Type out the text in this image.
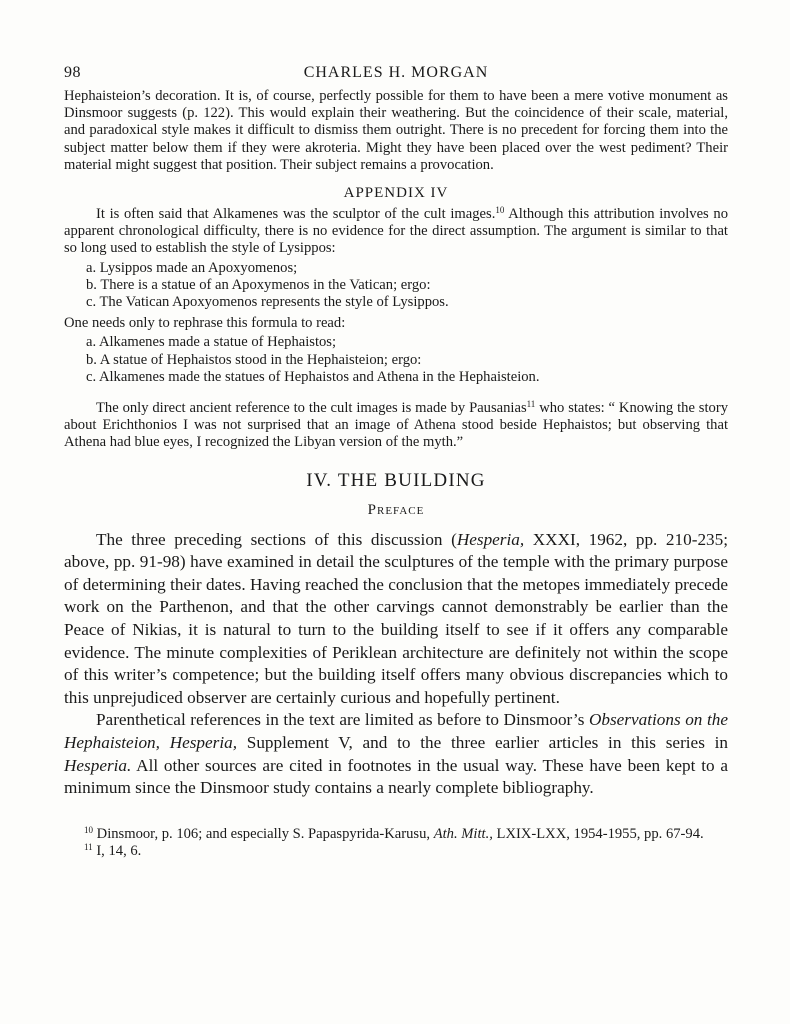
98	CHARLES H. MORGAN

Hephaisteion’s decoration. It is, of course, perfectly possible for them to have been a mere votive monument as Dinsmoor suggests (p. 122). This would explain their weathering. But the coincidence of their scale, material, and paradoxical style makes it difficult to dismiss them outright. There is no precedent for forcing them into the subject matter below them if they were akroteria. Might they have been placed over the west pediment? Their material might suggest that position. Their subject remains a provocation.

APPENDIX IV

It is often said that Alkamenes was the sculptor of the cult images.$^{10}$ Although this attribution involves no apparent chronological difficulty, there is no evidence for the direct assumption. The argument is similar to that so long used to establish the style of Lysippos:

a. Lysippos made an Apoxyomenos;
b. There is a statue of an Apoxymenos in the Vatican; ergo:
c. The Vatican Apoxyomenos represents the style of Lysippos.

One needs only to rephrase this formula to read:

a. Alkamenes made a statue of Hephaistos;
b. A statue of Hephaistos stood in the Hephaisteion; ergo:
c. Alkamenes made the statues of Hephaistos and Athena in the Hephaisteion.

The only direct ancient reference to the cult images is made by Pausanias$^{11}$ who states: “ Knowing the story about Erichthonios I was not surprised that an image of Athena stood beside Hephaistos; but observing that Athena had blue eyes, I recognized the Libyan version of the myth.”

IV. THE BUILDING
Preface

The three preceding sections of this discussion (Hesperia, XXXI, 1962, pp. 210-235; above, pp. 91-98) have examined in detail the sculptures of the temple with the primary purpose of determining their dates. Having reached the conclusion that the metopes immediately precede work on the Parthenon, and that the other carvings cannot demonstrably be earlier than the Peace of Nikias, it is natural to turn to the building itself to see if it offers any comparable evidence. The minute complexities of Periklean architecture are definitely not within the scope of this writer’s competence; but the building itself offers many obvious discrepancies which to this unprejudiced observer are certainly curious and hopefully pertinent.

Parenthetical references in the text are limited as before to Dinsmoor’s Observations on the Hephaisteion, Hesperia, Supplement V, and to the three earlier articles in this series in Hesperia. All other sources are cited in footnotes in the usual way. These have been kept to a minimum since the Dinsmoor study contains a nearly complete bibliography.

$^{10}$ Dinsmoor, p. 106; and especially S. Papaspyrida-Karusu, Ath. Mitt., LXIX-LXX, 1954-1955, pp. 67-94.

$^{11}$ I, 14, 6.
